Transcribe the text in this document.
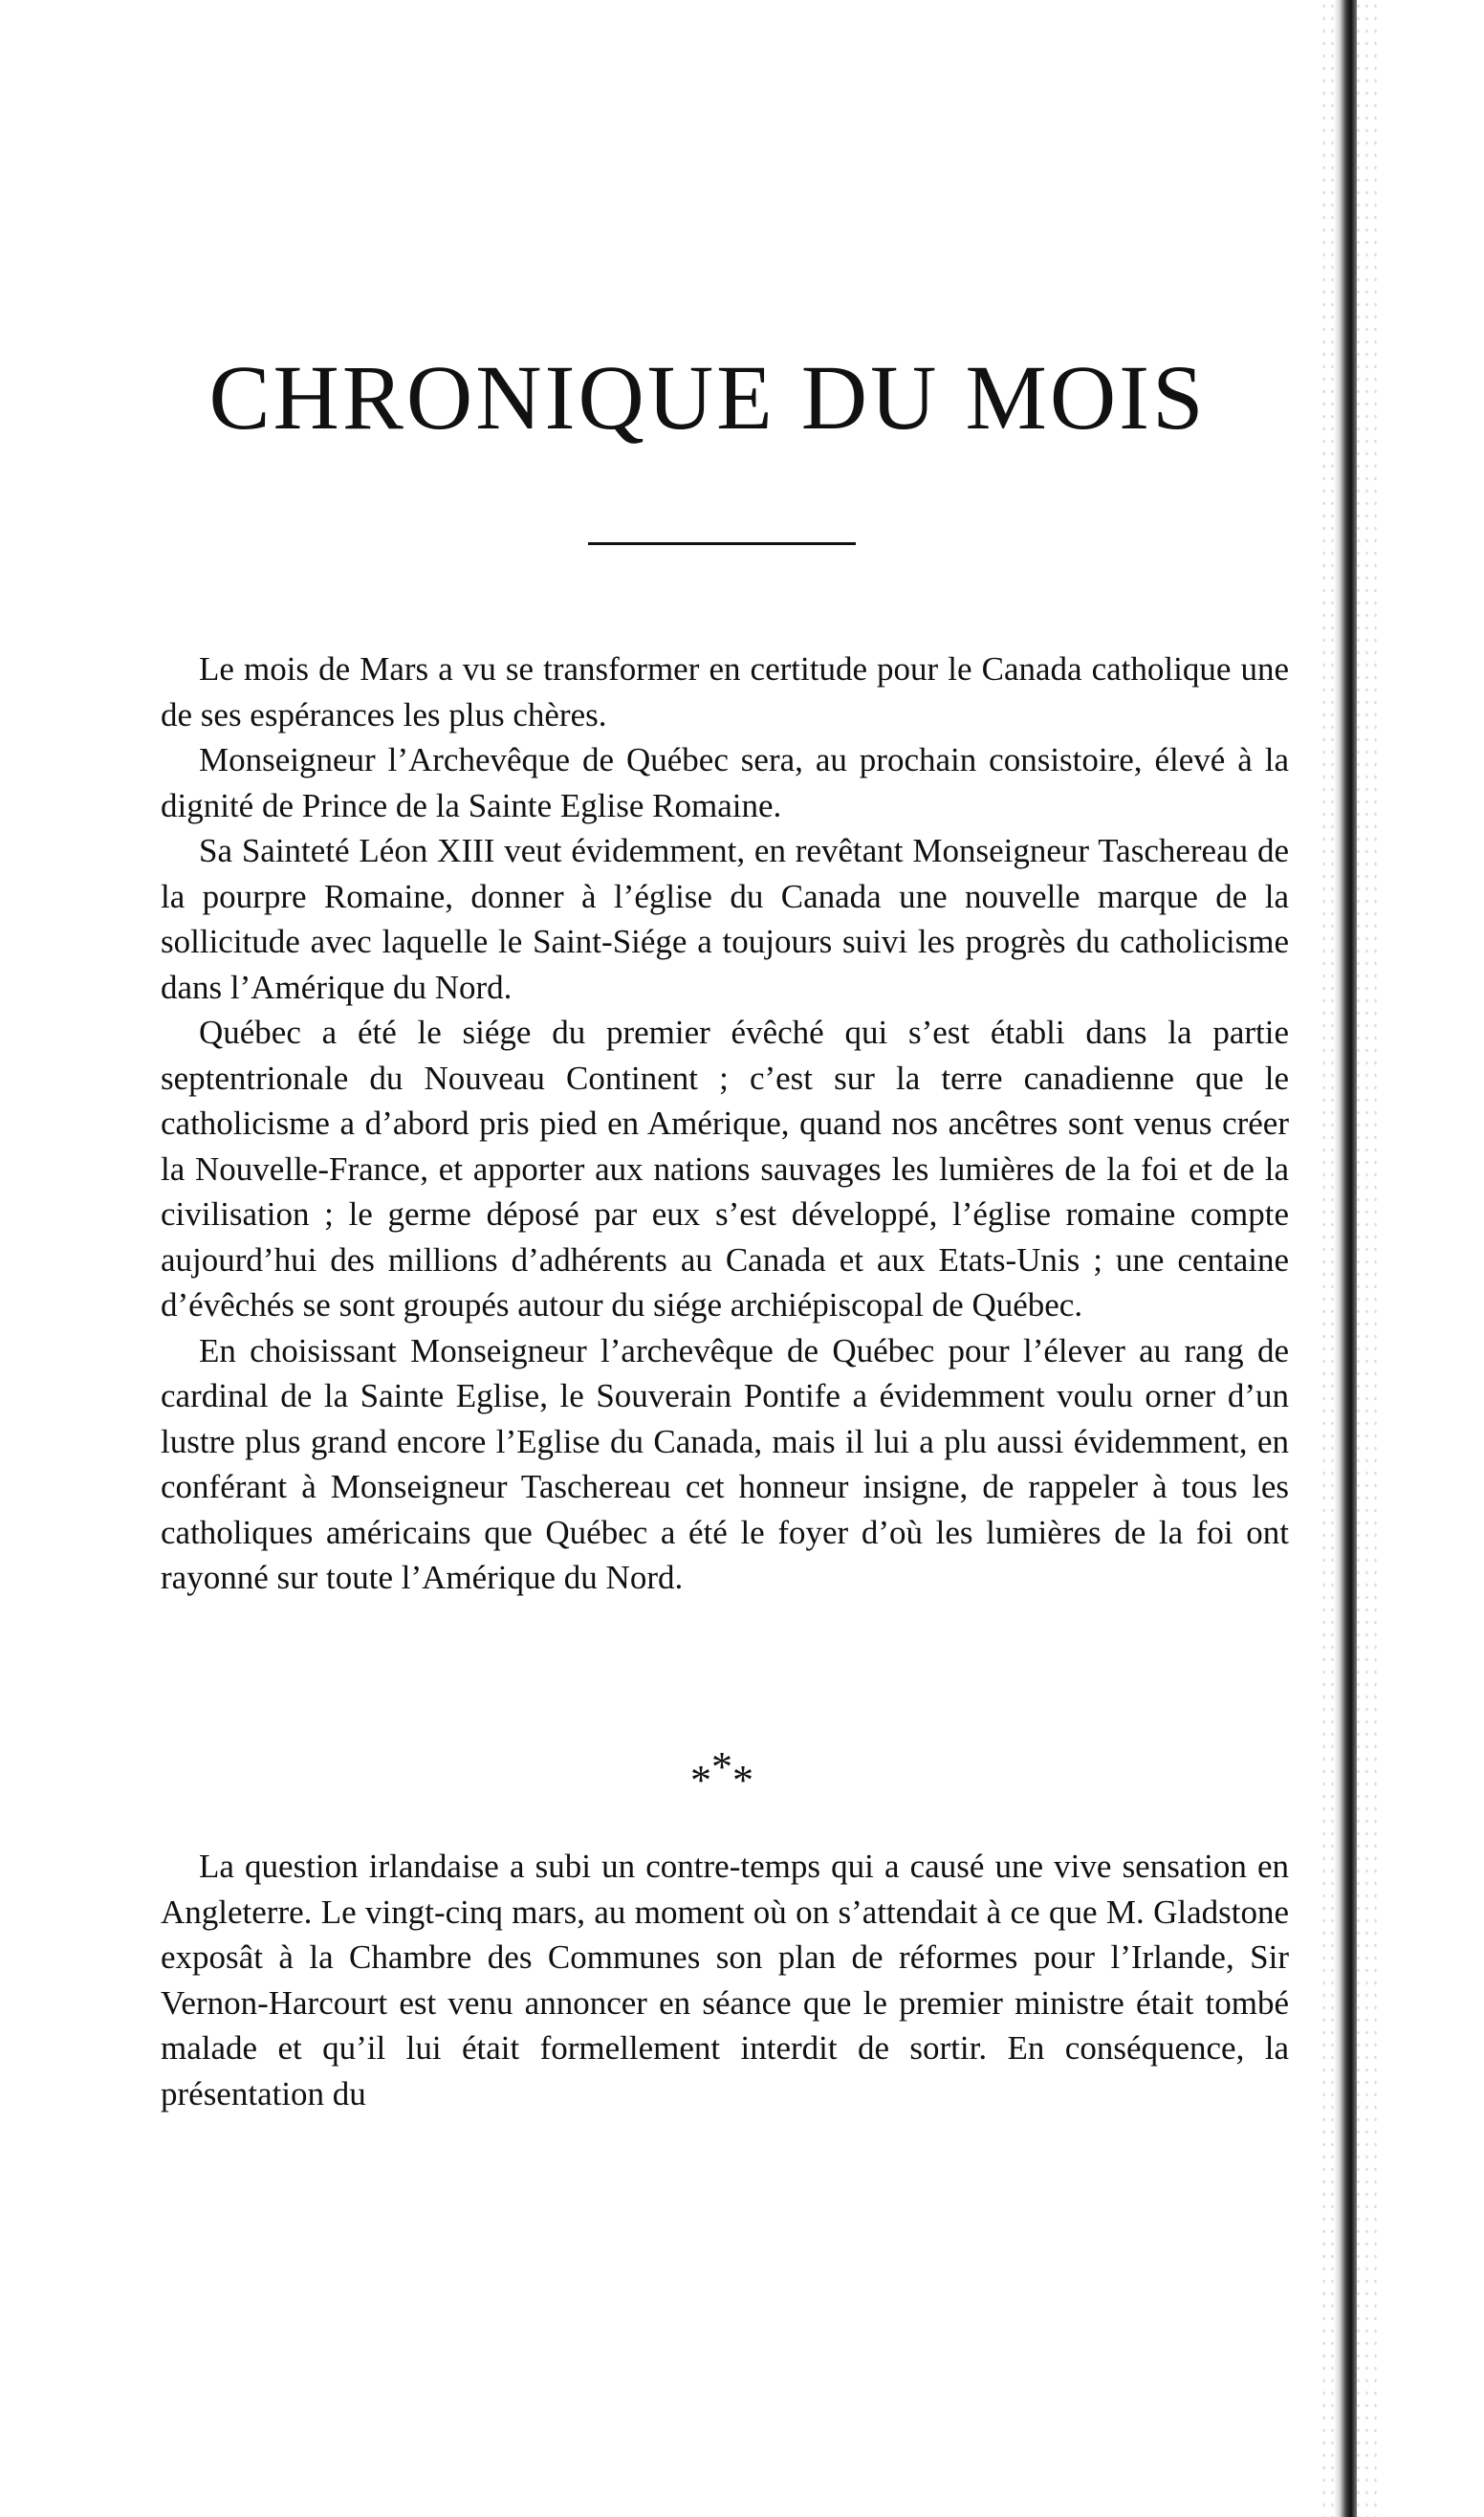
CHRONIQUE DU MOIS

Le mois de Mars a vu se transformer en certitude pour le Canada catholique une de ses espérances les plus chères.

Monseigneur l’Archevêque de Québec sera, au prochain consistoire, élevé à la dignité de Prince de la Sainte Eglise Romaine.

Sa Sainteté Léon XIII veut évidemment, en revêtant Monseigneur Taschereau de la pourpre Romaine, donner à l’église du Canada une nouvelle marque de la sollicitude avec laquelle le Saint-Siége a toujours suivi les progrès du catholicisme dans l’Amérique du Nord.

Québec a été le siége du premier évêché qui s’est établi dans la partie septentrionale du Nouveau Continent ; c’est sur la terre canadienne que le catholicisme a d’abord pris pied en Amérique, quand nos ancêtres sont venus créer la Nouvelle-France, et apporter aux nations sauvages les lumières de la foi et de la civilisation ; le germe déposé par eux s’est développé, l’église romaine compte aujourd’hui des millions d’adhérents au Canada et aux Etats-Unis ; une centaine d’évêchés se sont groupés autour du siége archiépiscopal de Québec.

En choisissant Monseigneur l’archevêque de Québec pour l’élever au rang de cardinal de la Sainte Eglise, le Souverain Pontife a évidemment voulu orner d’un lustre plus grand encore l’Eglise du Canada, mais il lui a plu aussi évidemment, en conférant à Monseigneur Taschereau cet honneur insigne, de rappeler à tous les catholiques américains que Québec a été le foyer d’où les lumières de la foi ont rayonné sur toute l’Amérique du Nord.

***

La question irlandaise a subi un contre-temps qui a causé une vive sensation en Angleterre. Le vingt-cinq mars, au moment où on s’attendait à ce que M. Gladstone exposât à la Chambre des Communes son plan de réformes pour l’Irlande, Sir Vernon-Harcourt est venu annoncer en séance que le premier ministre était tombé malade et qu’il lui était formellement interdit de sortir. En conséquence, la présentation du
